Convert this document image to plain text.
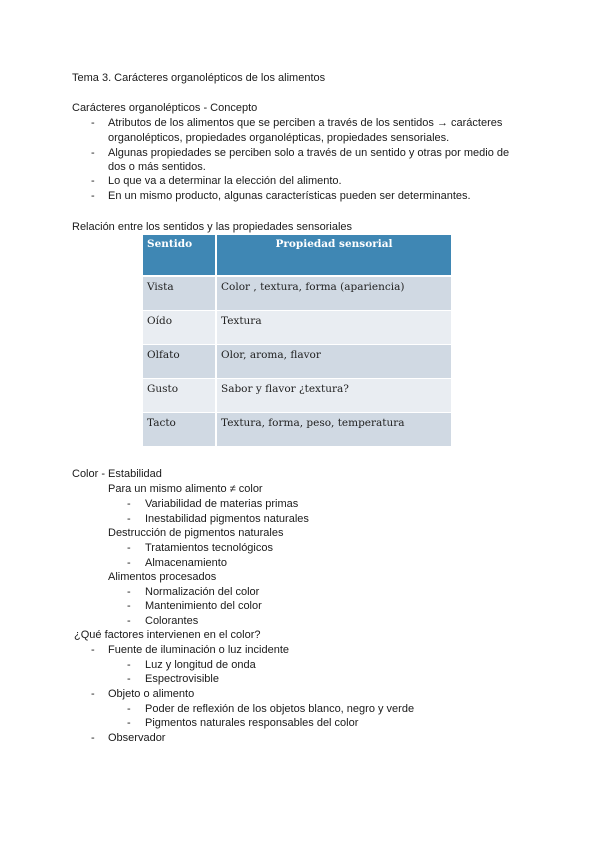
Tema 3. Carácteres organolépticos de los alimentos
Carácteres organolépticos - Concepto
- Atributos de los alimentos que se perciben a través de los sentidos → carácteres
organolépticos, propiedades organolépticas, propiedades sensoriales.
- Algunas propiedades se perciben solo a través de un sentido y otras por medio de
dos o más sentidos.
- Lo que va a determinar la elección del alimento.
- En un mismo producto, algunas características pueden ser determinantes.
Relación entre los sentidos y las propiedades sensoriales
Sentido	Propiedad sensorial
Vista	Color , textura, forma (apariencia)
Oído	Textura
Olfato	Olor, aroma, flavor
Gusto	Sabor y flavor ¿textura?
Tacto	Textura, forma, peso, temperatura
Color - Estabilidad
Para un mismo alimento ≠ color
- Variabilidad de materias primas
- Inestabilidad pigmentos naturales
Destrucción de pigmentos naturales
- Tratamientos tecnológicos
- Almacenamiento
Alimentos procesados
- Normalización del color
- Mantenimiento del color
- Colorantes
¿Qué factores intervienen en el color?
- Fuente de iluminación o luz incidente
- Luz y longitud de onda
- Espectrovisible
- Objeto o alimento
- Poder de reflexión de los objetos blanco, negro y verde
- Pigmentos naturales responsables del color
- Observador
